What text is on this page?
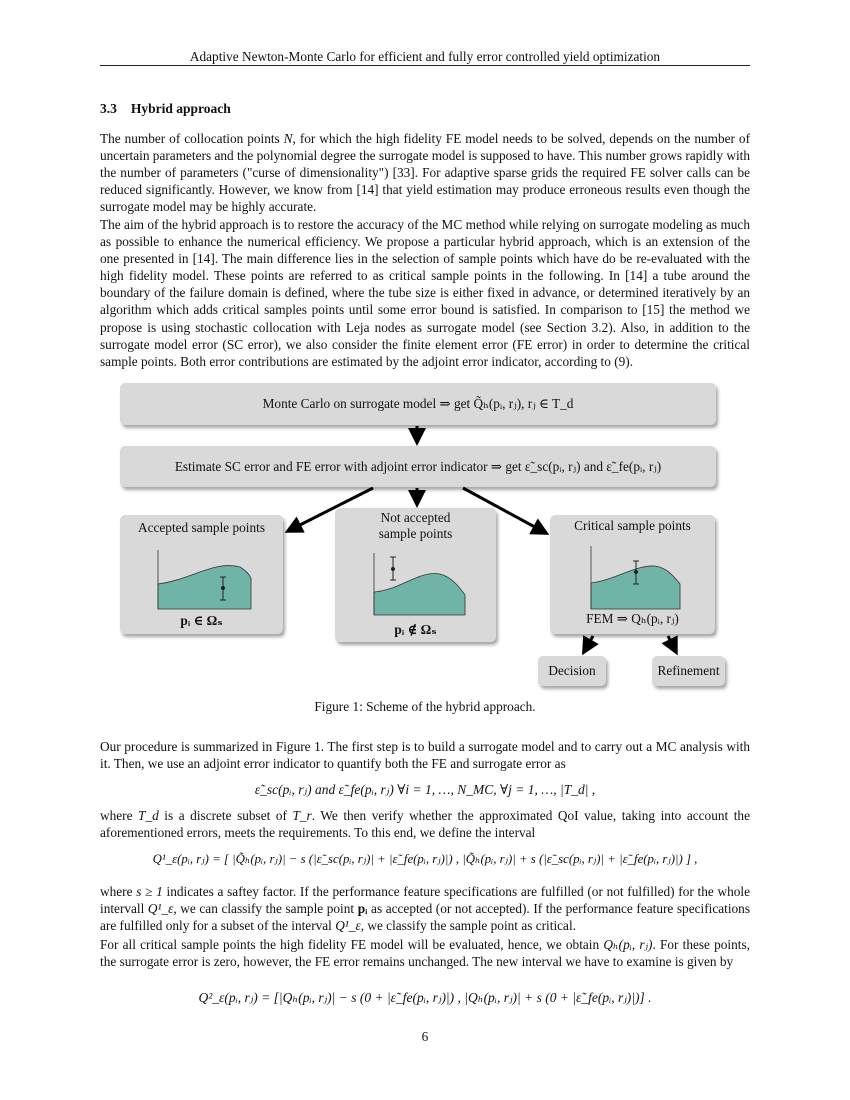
Adaptive Newton-Monte Carlo for efficient and fully error controlled yield optimization
3.3 Hybrid approach
The number of collocation points N, for which the high fidelity FE model needs to be solved, depends on the number of uncertain parameters and the polynomial degree the surrogate model is supposed to have. This number grows rapidly with the number of parameters ("curse of dimensionality") [33]. For adaptive sparse grids the required FE solver calls can be reduced significantly. However, we know from [14] that yield estimation may produce erroneous results even though the surrogate model may be highly accurate.
The aim of the hybrid approach is to restore the accuracy of the MC method while relying on surrogate modeling as much as possible to enhance the numerical efficiency. We propose a particular hybrid approach, which is an extension of the one presented in [14]. The main difference lies in the selection of sample points which have do be re-evaluated with the high fidelity model. These points are referred to as critical sample points in the following. In [14] a tube around the boundary of the failure domain is defined, where the tube size is either fixed in advance, or determined iteratively by an algorithm which adds critical samples points until some error bound is satisfied. In comparison to [15] the method we propose is using stochastic collocation with Leja nodes as surrogate model (see Section 3.2). Also, in addition to the surrogate model error (SC error), we also consider the finite element error (FE error) in order to determine the critical sample points. Both error contributions are estimated by the adjoint error indicator, according to (9).
Monte Carlo on surrogate model ⇒ get Q̃ₕ(pᵢ, rⱼ), rⱼ ∈ T_d
Estimate SC error and FE error with adjoint error indicator ⇒ get ε̃_sc(pᵢ, rⱼ) and ε̃_fe(pᵢ, rⱼ)
Accepted sample points
pᵢ ∈ Ωₛ
Not accepted
sample points
pᵢ ∉ Ωₛ
Critical sample points
FEM ⇒ Qₕ(pᵢ, rⱼ)
Decision	Refinement
Figure 1: Scheme of the hybrid approach.
Our procedure is summarized in Figure 1. The first step is to build a surrogate model and to carry out a MC analysis with it. Then, we use an adjoint error indicator to quantify both the FE and surrogate error as
ε̃_sc(pᵢ, rⱼ) and ε̃_fe(pᵢ, rⱼ) ∀i = 1, …, N_MC, ∀j = 1, …, |T_d| ,
where T_d is a discrete subset of T_r. We then verify whether the approximated QoI value, taking into account the aforementioned errors, meets the requirements. To this end, we define the interval
Q¹_ε(pᵢ, rⱼ) = [ |Q̃ₕ(pᵢ, rⱼ)| − s (|ε̃_sc(pᵢ, rⱼ)| + |ε̃_fe(pᵢ, rⱼ)|) , |Q̃ₕ(pᵢ, rⱼ)| + s (|ε̃_sc(pᵢ, rⱼ)| + |ε̃_fe(pᵢ, rⱼ)|) ] ,
where s ≥ 1 indicates a saftey factor. If the performance feature specifications are fulfilled (or not fulfilled) for the whole intervall Q¹_ε, we can classify the sample point pᵢ as accepted (or not accepted). If the performance feature specifications are fulfilled only for a subset of the interval Q¹_ε, we classify the sample point as critical.
For all critical sample points the high fidelity FE model will be evaluated, hence, we obtain Qₕ(pᵢ, rⱼ). For these points, the surrogate error is zero, however, the FE error remains unchanged. The new interval we have to examine is given by
Q²_ε(pᵢ, rⱼ) = [|Qₕ(pᵢ, rⱼ)| − s (0 + |ε̃_fe(pᵢ, rⱼ)|) , |Qₕ(pᵢ, rⱼ)| + s (0 + |ε̃_fe(pᵢ, rⱼ)|)] .
6
